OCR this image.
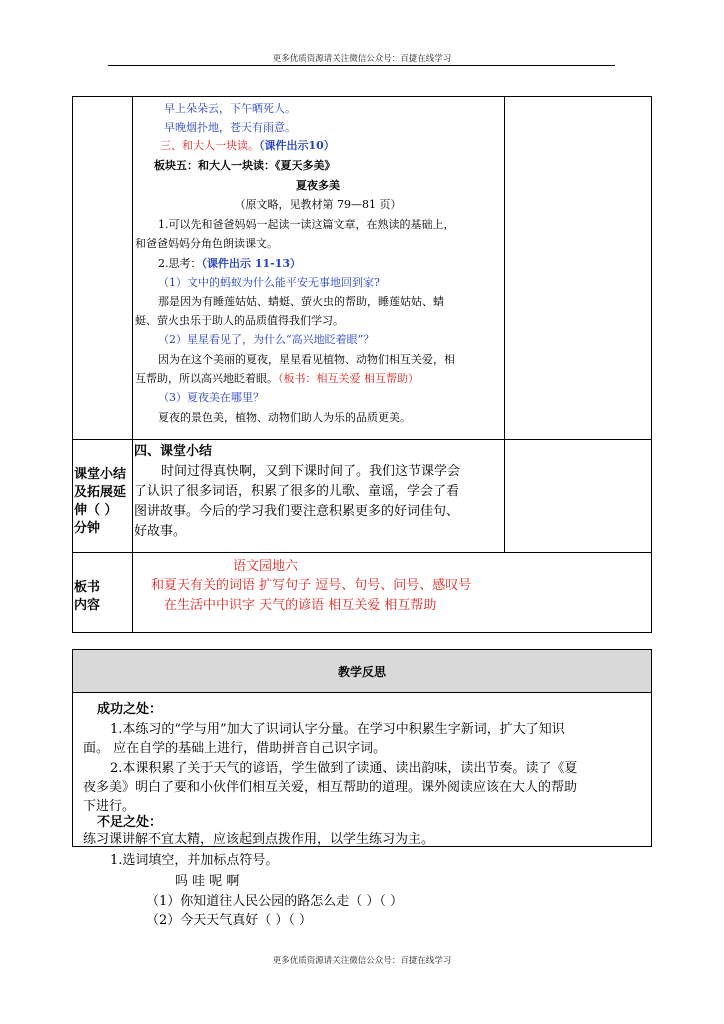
更多优质资源请关注微信公众号：百捷在线学习
早上朵朵云，下午晒死人。
早晚烟扑地，苍天有雨意。
三、和大人一块读。（课件出示10）
板块五：和大人一块读：《夏天多美》
夏夜多美
（原文略，见教材第 79—81 页）
1.可以先和爸爸妈妈一起读一读这篇文章，在熟读的基础上，
和爸爸妈妈分角色朗读课文。
2.思考：（课件出示 11-13）
（1）文中的蚂蚁为什么能平安无事地回到家?
那是因为有睡莲姑姑、蜻蜓、萤火虫的帮助，睡莲姑姑、蜻
蜓、萤火虫乐于助人的品质值得我们学习。
（2）星星看见了，为什么“高兴地眨着眼”？
因为在这个美丽的夏夜，星星看见植物、动物们相互关爱，相
互帮助，所以高兴地眨着眼。（板书：相互关爱 相互帮助）
（3）夏夜美在哪里？
夏夜的景色美，植物、动物们助人为乐的品质更美。
课堂小结
及拓展延
伸（ ）
分钟
四、课堂小结
时间过得真快啊，又到下课时间了。我们这节课学会
了认识了很多词语，积累了很多的儿歌、童谣，学会了看
图讲故事。今后的学习我们要注意积累更多的好词佳句、
好故事。
板书
内容
语文园地六
和夏天有关的词语 扩写句子 逗号、句号、问号、感叹号
在生活中中识字 天气的谚语 相互关爱 相互帮助
教学反思
成功之处：
1.本练习的“学与用”加大了识词认字分量。在学习中积累生字新词，扩大了知识
面。 应在自学的基础上进行，借助拼音自己识字词。
2.本课积累了关于天气的谚语，学生做到了读通、读出韵味，读出节奏。读了《夏
夜多美》明白了要和小伙伴们相互关爱，相互帮助的道理。课外阅读应该在大人的帮助
下进行。
不足之处：
练习课讲解不宜太精，应该起到点拨作用，以学生练习为主。
1.选词填空，并加标点符号。
吗 哇 呢 啊
（1）你知道往人民公园的路怎么走（ ）（ ）
（2）今天天气真好（ ）（ ）
更多优质资源请关注微信公众号：百捷在线学习
